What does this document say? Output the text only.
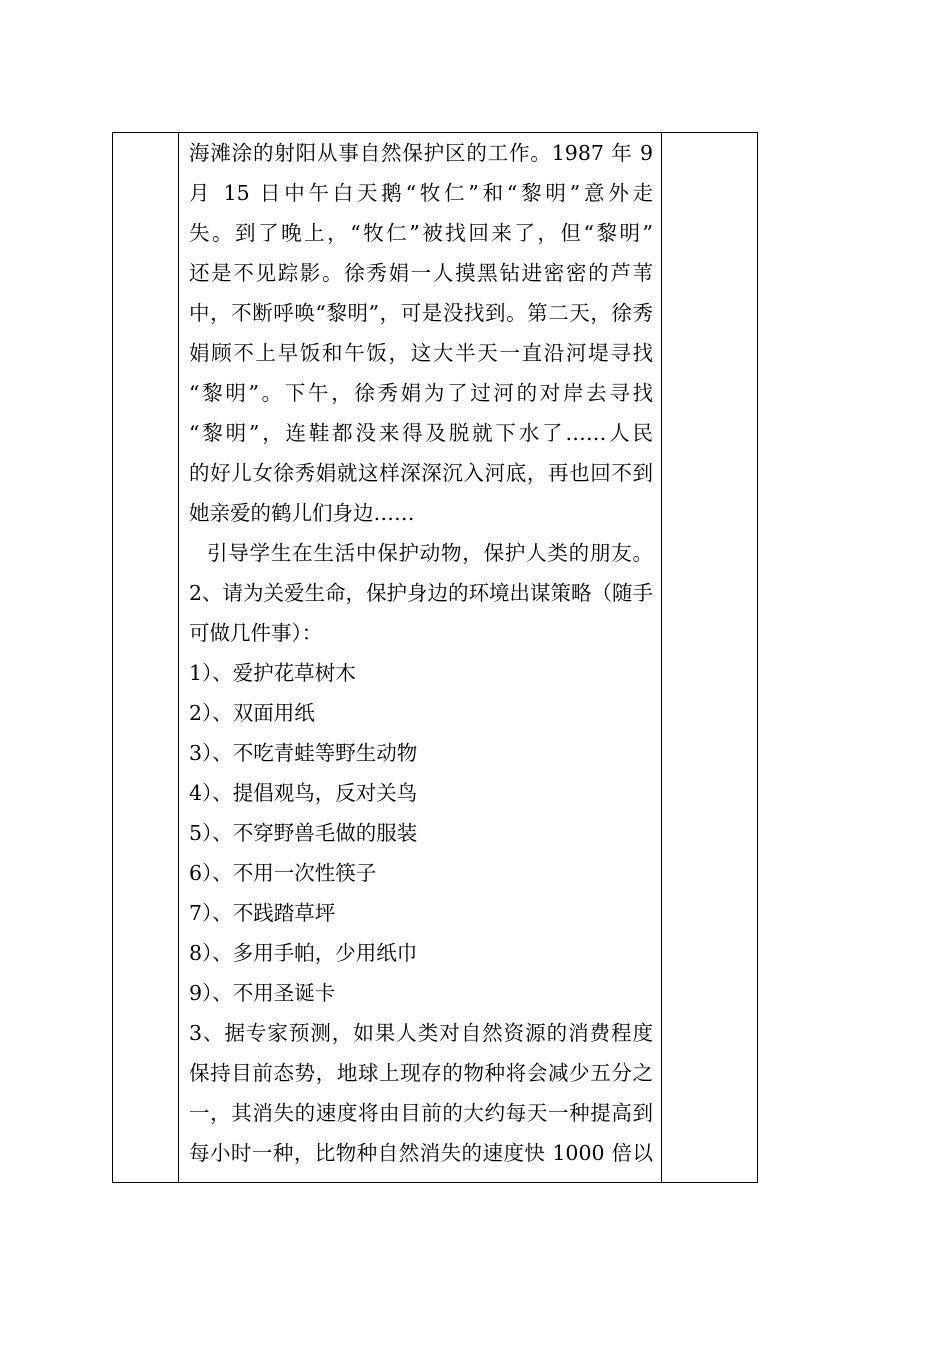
海滩涂的射阳从事自然保护区的工作。1987 年 9
月 15 日中午白天鹅“牧仁”和“黎明”意外走
失。到了晚上，“牧仁”被找回来了，但“黎明”
还是不见踪影。徐秀娟一人摸黑钻进密密的芦苇
中，不断呼唤“黎明”，可是没找到。第二天，徐秀
娟顾不上早饭和午饭，这大半天一直沿河堤寻找
“黎明”。下午，徐秀娟为了过河的对岸去寻找
“黎明”，连鞋都没来得及脱就下水了……人民
的好儿女徐秀娟就这样深深沉入河底，再也回不到
她亲爱的鹤儿们身边……
引导学生在生活中保护动物，保护人类的朋友。
2、请为关爱生命，保护身边的环境出谋策略（随手
可做几件事）：
1）、爱护花草树木
2）、双面用纸
3）、不吃青蛙等野生动物
4）、提倡观鸟，反对关鸟
5）、不穿野兽毛做的服装
6）、不用一次性筷子
7）、不践踏草坪
8）、多用手帕，少用纸巾
9）、不用圣诞卡
3、据专家预测，如果人类对自然资源的消费程度
保持目前态势，地球上现存的物种将会减少五分之
一，其消失的速度将由目前的大约每天一种提高到
每小时一种，比物种自然消失的速度快 1000 倍以
